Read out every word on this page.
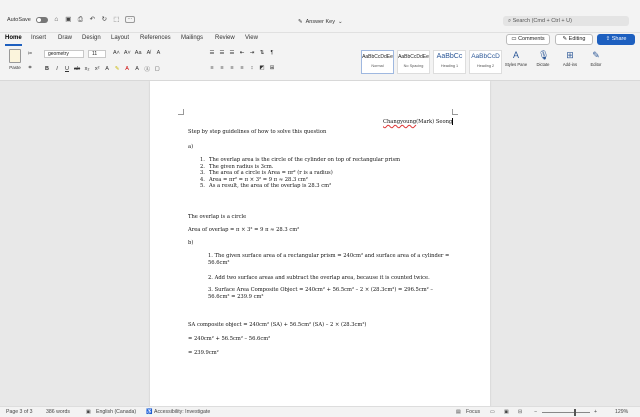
AutoSave	⌂ ▣ ⎙ ↶ ↻ ⬚	···	✎ Answer Key ⌄	⌕ Search (Cmd + Ctrl + U)
Home Insert Draw Design Layout References Mailings Review View	▭ Comments	✎ Editing	⇪ Share
Paste
✂
⌗
geometry	11	A˄ A˅ Aa A̸ A
B	I	U ab x₂ x² A ✎ A A Ⓐ ▢
☰ ☰ ☰ ⇤ ⇥ ⇅ ¶
≡ ≡ ≡ ≡ ↕ ◩ ⊞
AaBbCcDdEe
Normal
AaBbCcDdEe
No Spacing
AaBbCc
Heading 1
AaBbCcD
Heading 2
A
Styles Pane
🎙
Dictate
⊞
Add-ins
✎
Editor
Changyoung(Mark) Seong
Step by step guidelines of how to solve this question
a)
1. The overlap area is the circle of the cylinder on top of rectangular prism
2. The given radius is 3cm.
3. The area of a circle is Area = πr² (r is a radius)
4. Area = πr² = π × 3² = 9 π ≈ 28.3 cm²
5. As a result, the area of the overlap is 28.3 cm²
The overlap is a circle
Area of overlap = π × 3² = 9 π ≈ 28.3 cm²
b)
1. The given surface area of a rectangular prism = 240cm² and surface area of a cylinder = 56.6cm²
2. Add two surface areas and subtract the overlap area, because it is counted twice.
3. Surface Area Composite Object = 240cm² + 56.5cm² – 2 × (28.3cm²) = 296.5cm² – 56.6cm² = 239.9 cm²
SA composite object = 240cm² (SA) + 56.5cm² (SA) – 2 × (28.3cm²)
= 240cm² + 56.5cm² – 56.6cm²
= 239.9cm²
Page 3 of 3	386 words	▣ English (Canada) ♿ Accessibility: Investigate	▤ Focus ▭ ▣ ⊟ −	+	129%
